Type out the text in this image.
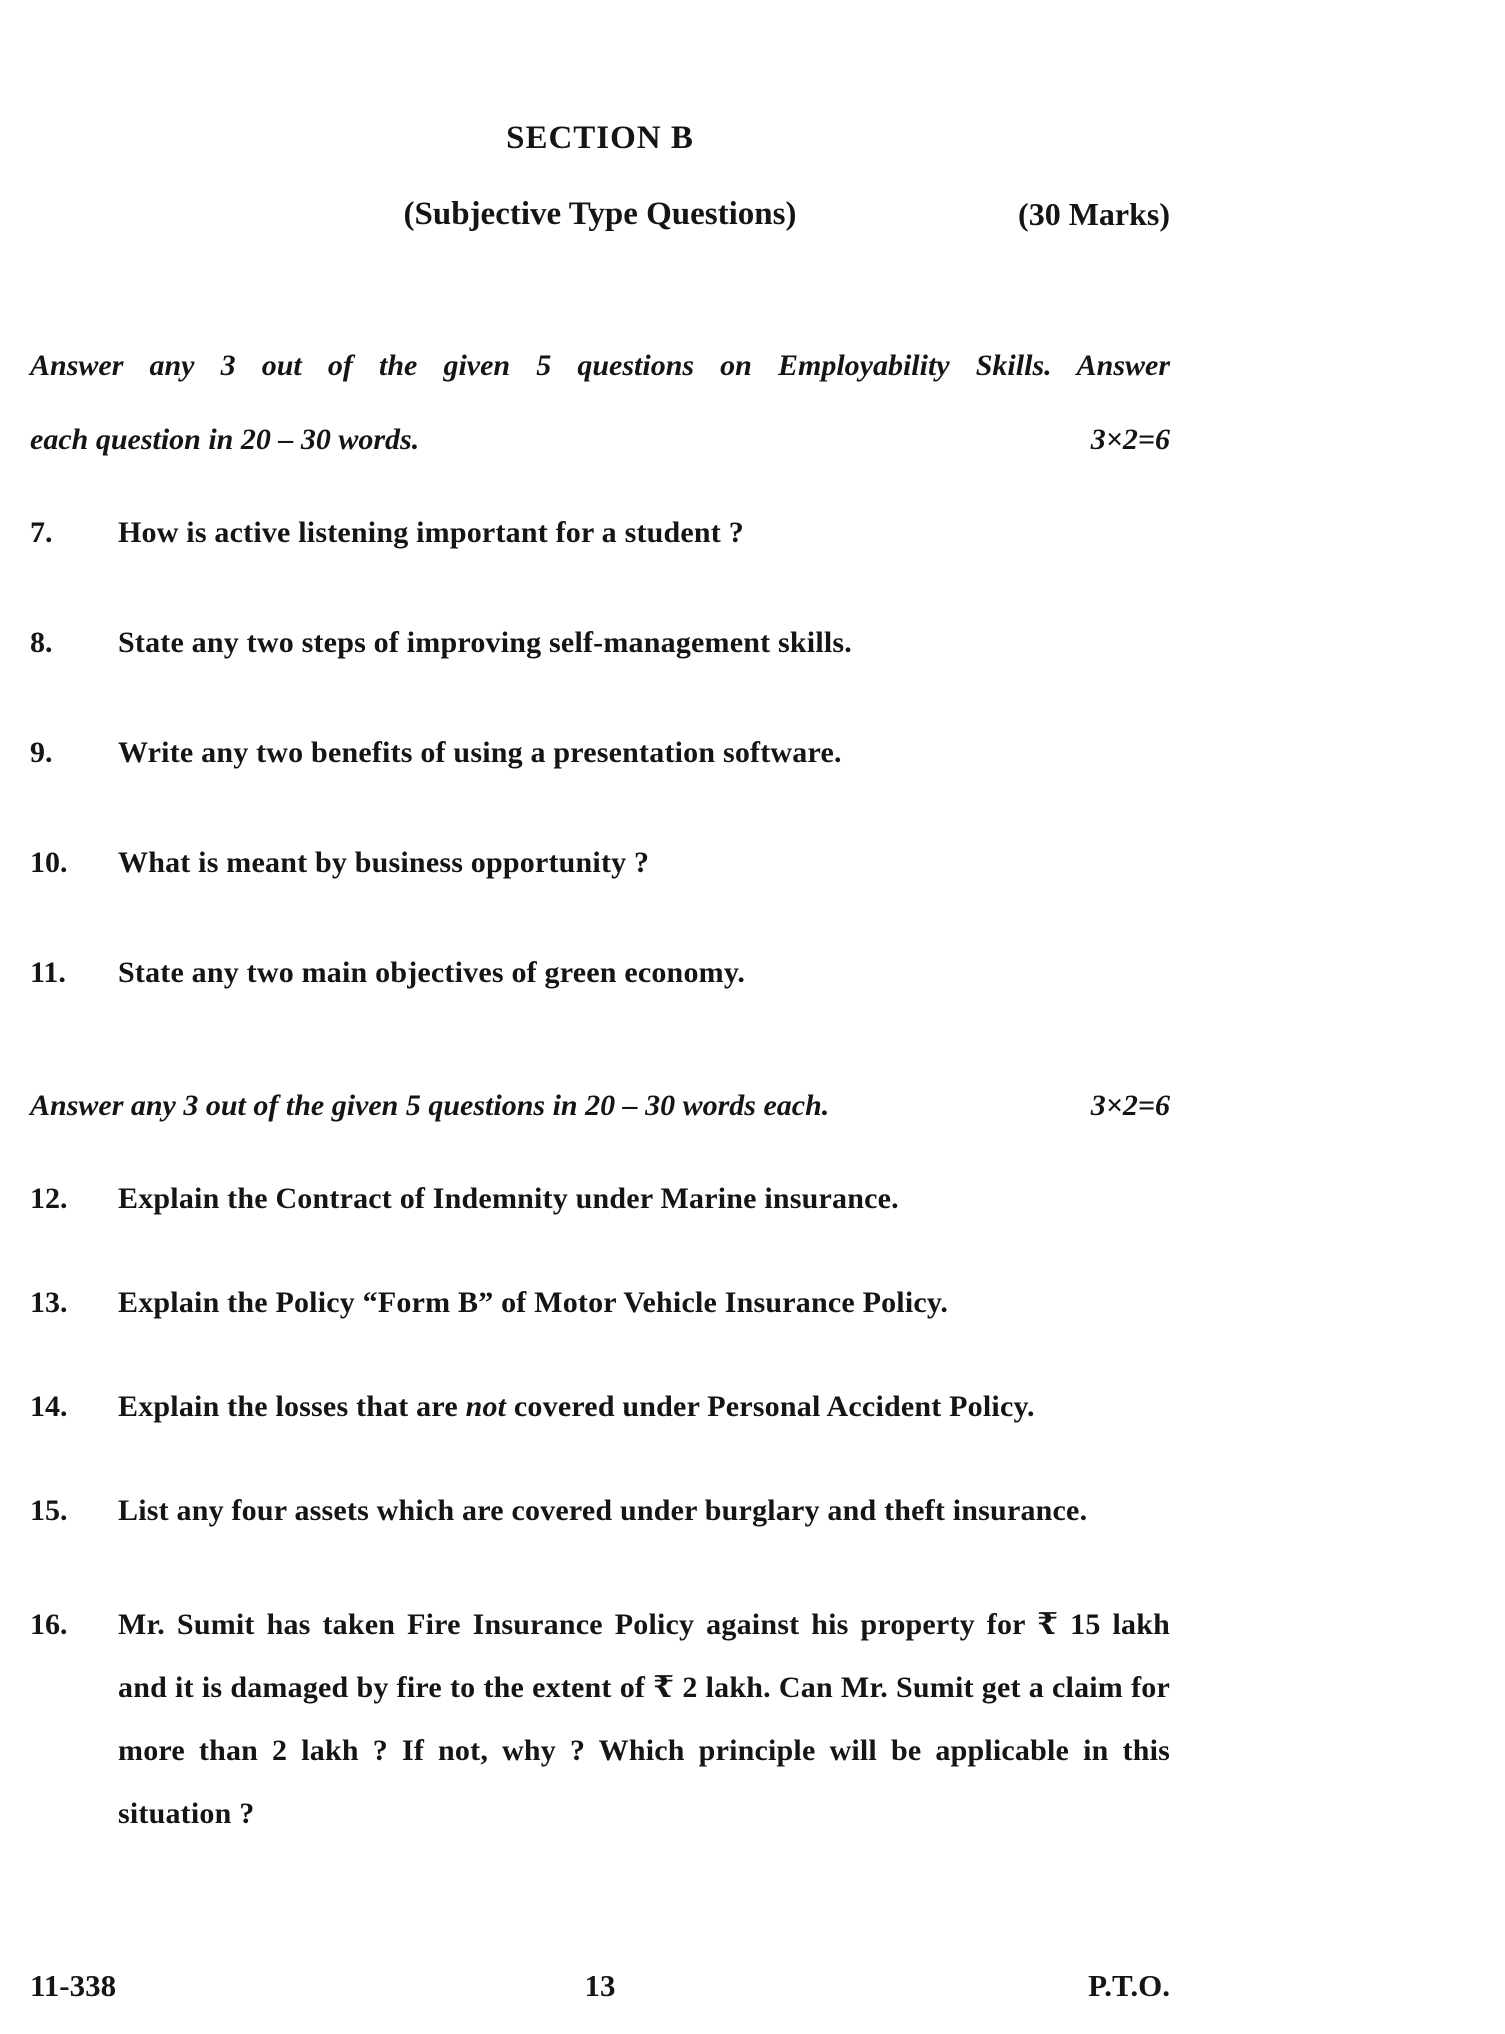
SECTION B
(Subjective Type Questions)	(30 Marks)
Answer any 3 out of the given 5 questions on Employability Skills. Answer
each question in 20 – 30 words.	3×2=6
7.	How is active listening important for a student ?
8.	State any two steps of improving self-management skills.
9.	Write any two benefits of using a presentation software.
10.	What is meant by business opportunity ?
11.	State any two main objectives of green economy.
Answer any 3 out of the given 5 questions in 20 – 30 words each.	3×2=6
12.	Explain the Contract of Indemnity under Marine insurance.
13.	Explain the Policy “Form B” of Motor Vehicle Insurance Policy.
14.	Explain the losses that are not covered under Personal Accident Policy.
15.	List any four assets which are covered under burglary and theft insurance.
16.	Mr. Sumit has taken Fire Insurance Policy against his property for ₹ 15 lakh and it is damaged by fire to the extent of ₹ 2 lakh. Can Mr. Sumit get a claim for more than 2 lakh ? If not, why ? Which principle will be applicable in this situation ?
11-338	13	P.T.O.
